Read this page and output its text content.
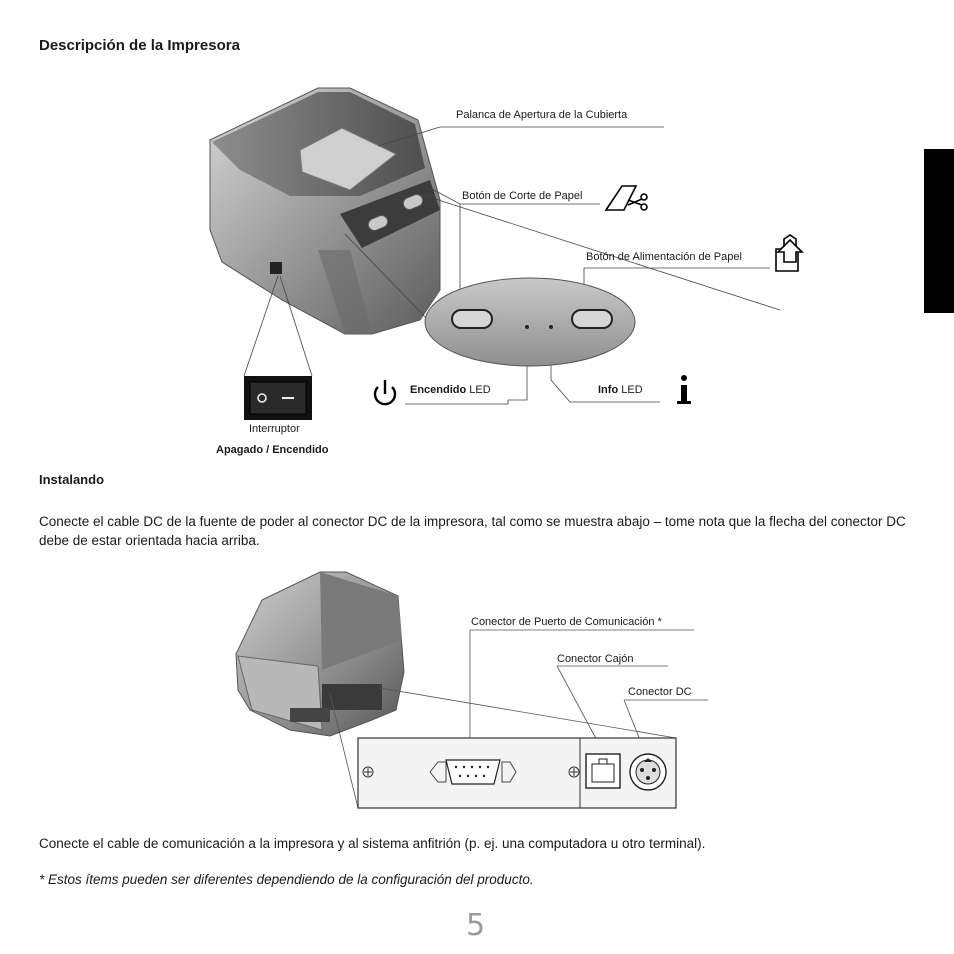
Descripción de la Impresora
Palanca de Apertura de la Cubierta
Botón de Corte de Papel
Botón de Alimentación de Papel
Encendido LED	Info LED
Interruptor
Apagado / Encendido
Instalando
Conecte el cable DC de la fuente de poder al conector DC de la impresora, tal como se muestra abajo – tome nota que la flecha del conector DC debe de estar orientada hacia arriba.
Conector de Puerto de Comunicación *
Conector Cajón
Conector DC
Conecte el cable de comunicación a la impresora y al sistema anfitrión (p. ej. una computadora u otro terminal).
* Estos ítems pueden ser diferentes dependiendo de la configuración del producto.
5
